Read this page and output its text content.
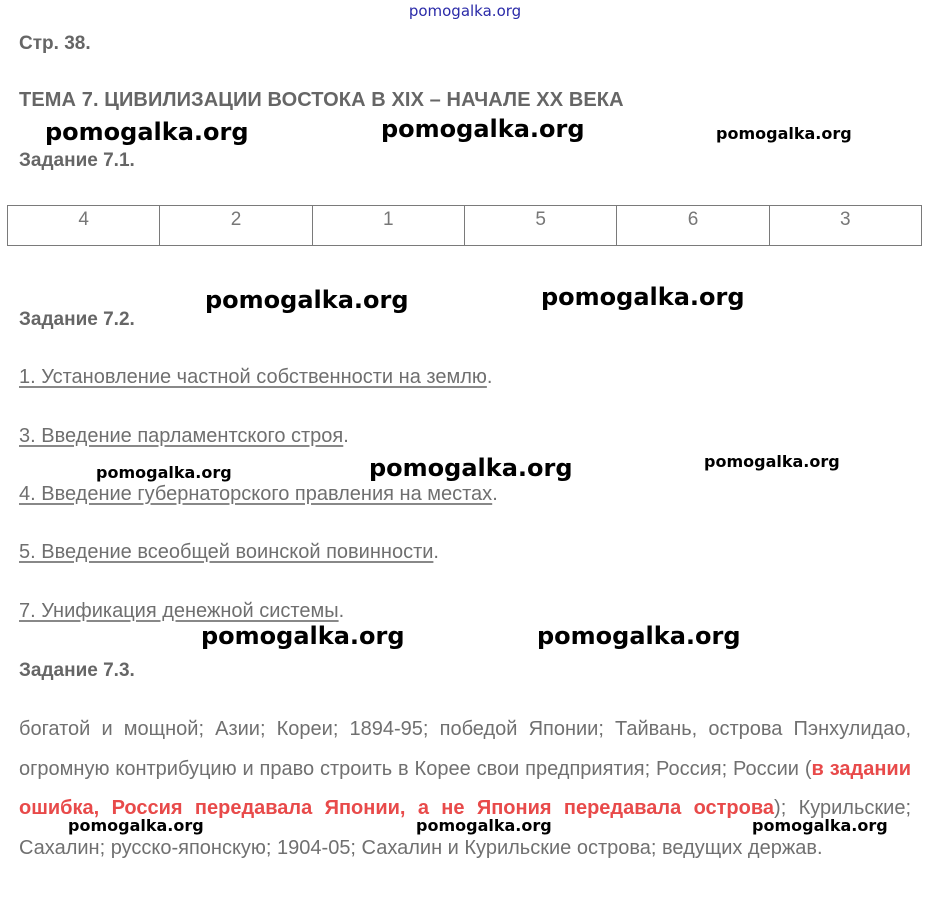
pomogalka.org
Стр. 38.
ТЕМА 7. ЦИВИЛИЗАЦИИ ВОСТОКА В XIX – НАЧАЛЕ XX ВЕКА
Задание 7.1.
4	2	1	5	6	3
Задание 7.2.
1. Установление частной собственности на землю.
3. Введение парламентского строя.
4. Введение губернаторского правления на местах.
5. Введение всеобщей воинской повинности.
7. Унификация денежной системы.
Задание 7.3.

богатой и мощной; Азии; Кореи; 1894-95; победой Японии; Тайвань, острова Пэнхулидао, огромную контрибуцию и право строить в Корее свои предприятия; Россия; России (в задании ошибка, Россия передавала Японии, а не Япония передавала острова); Курильские; Сахалин; русско-японскую; 1904-05; Сахалин и Курильские острова; ведущих держав.

pomogalka.org	pomogalka.org	pomogalka.org
pomogalka.org	pomogalka.org
pomogalka.org	pomogalka.org	pomogalka.org
pomogalka.org	pomogalka.org
pomogalka.org	pomogalka.org	pomogalka.org
